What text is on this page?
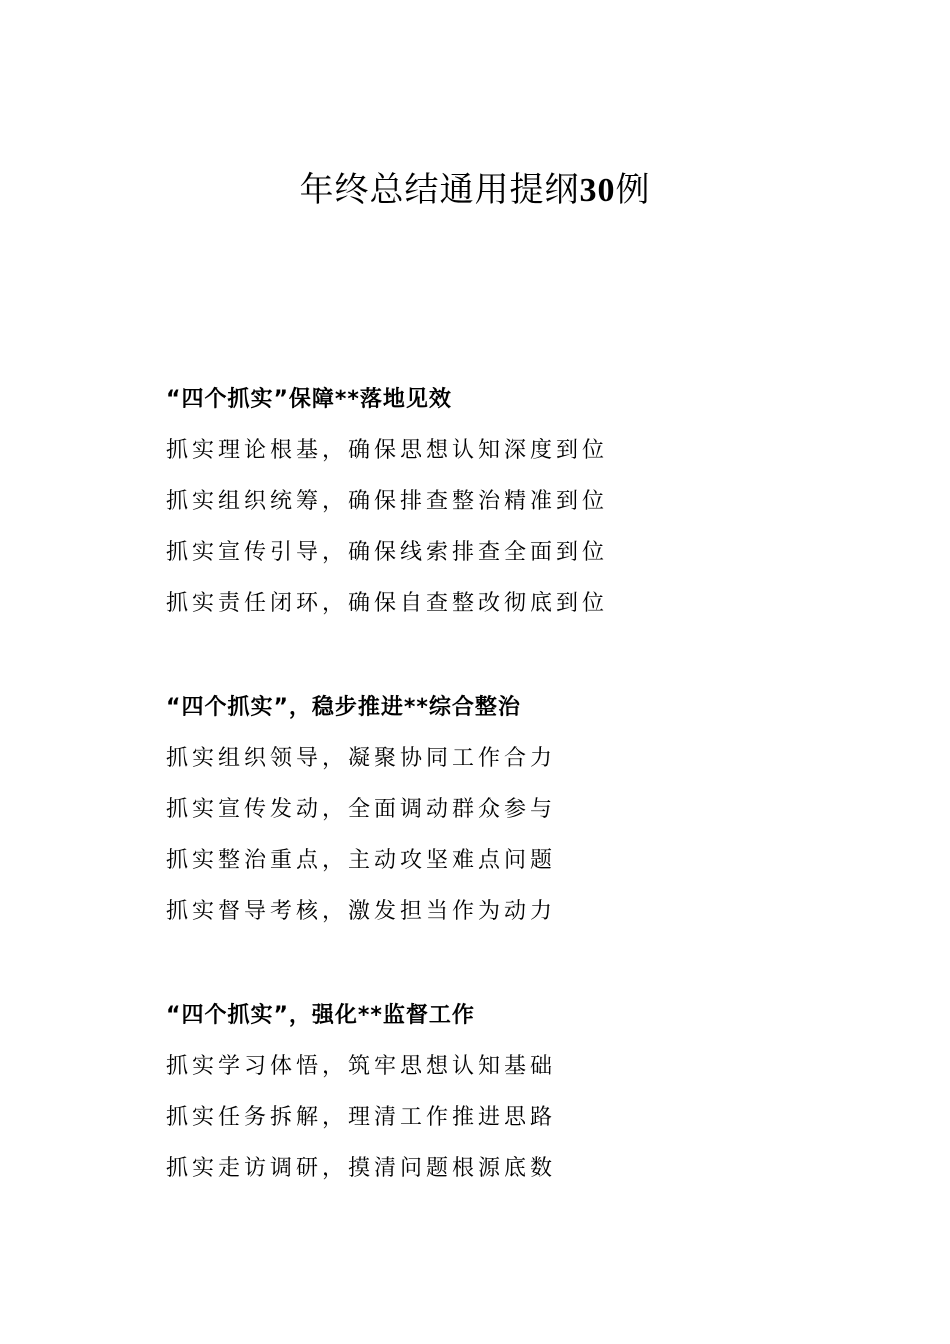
年终总结通用提纲30例
“四个抓实”保障**落地见效
抓实理论根基，确保思想认知深度到位
抓实组织统筹，确保排查整治精准到位
抓实宣传引导，确保线索排查全面到位
抓实责任闭环，确保自查整改彻底到位
“四个抓实”，稳步推进**综合整治
抓实组织领导，凝聚协同工作合力
抓实宣传发动，全面调动群众参与
抓实整治重点，主动攻坚难点问题
抓实督导考核，激发担当作为动力
“四个抓实”，强化**监督工作
抓实学习体悟，筑牢思想认知基础
抓实任务拆解，理清工作推进思路
抓实走访调研，摸清问题根源底数
